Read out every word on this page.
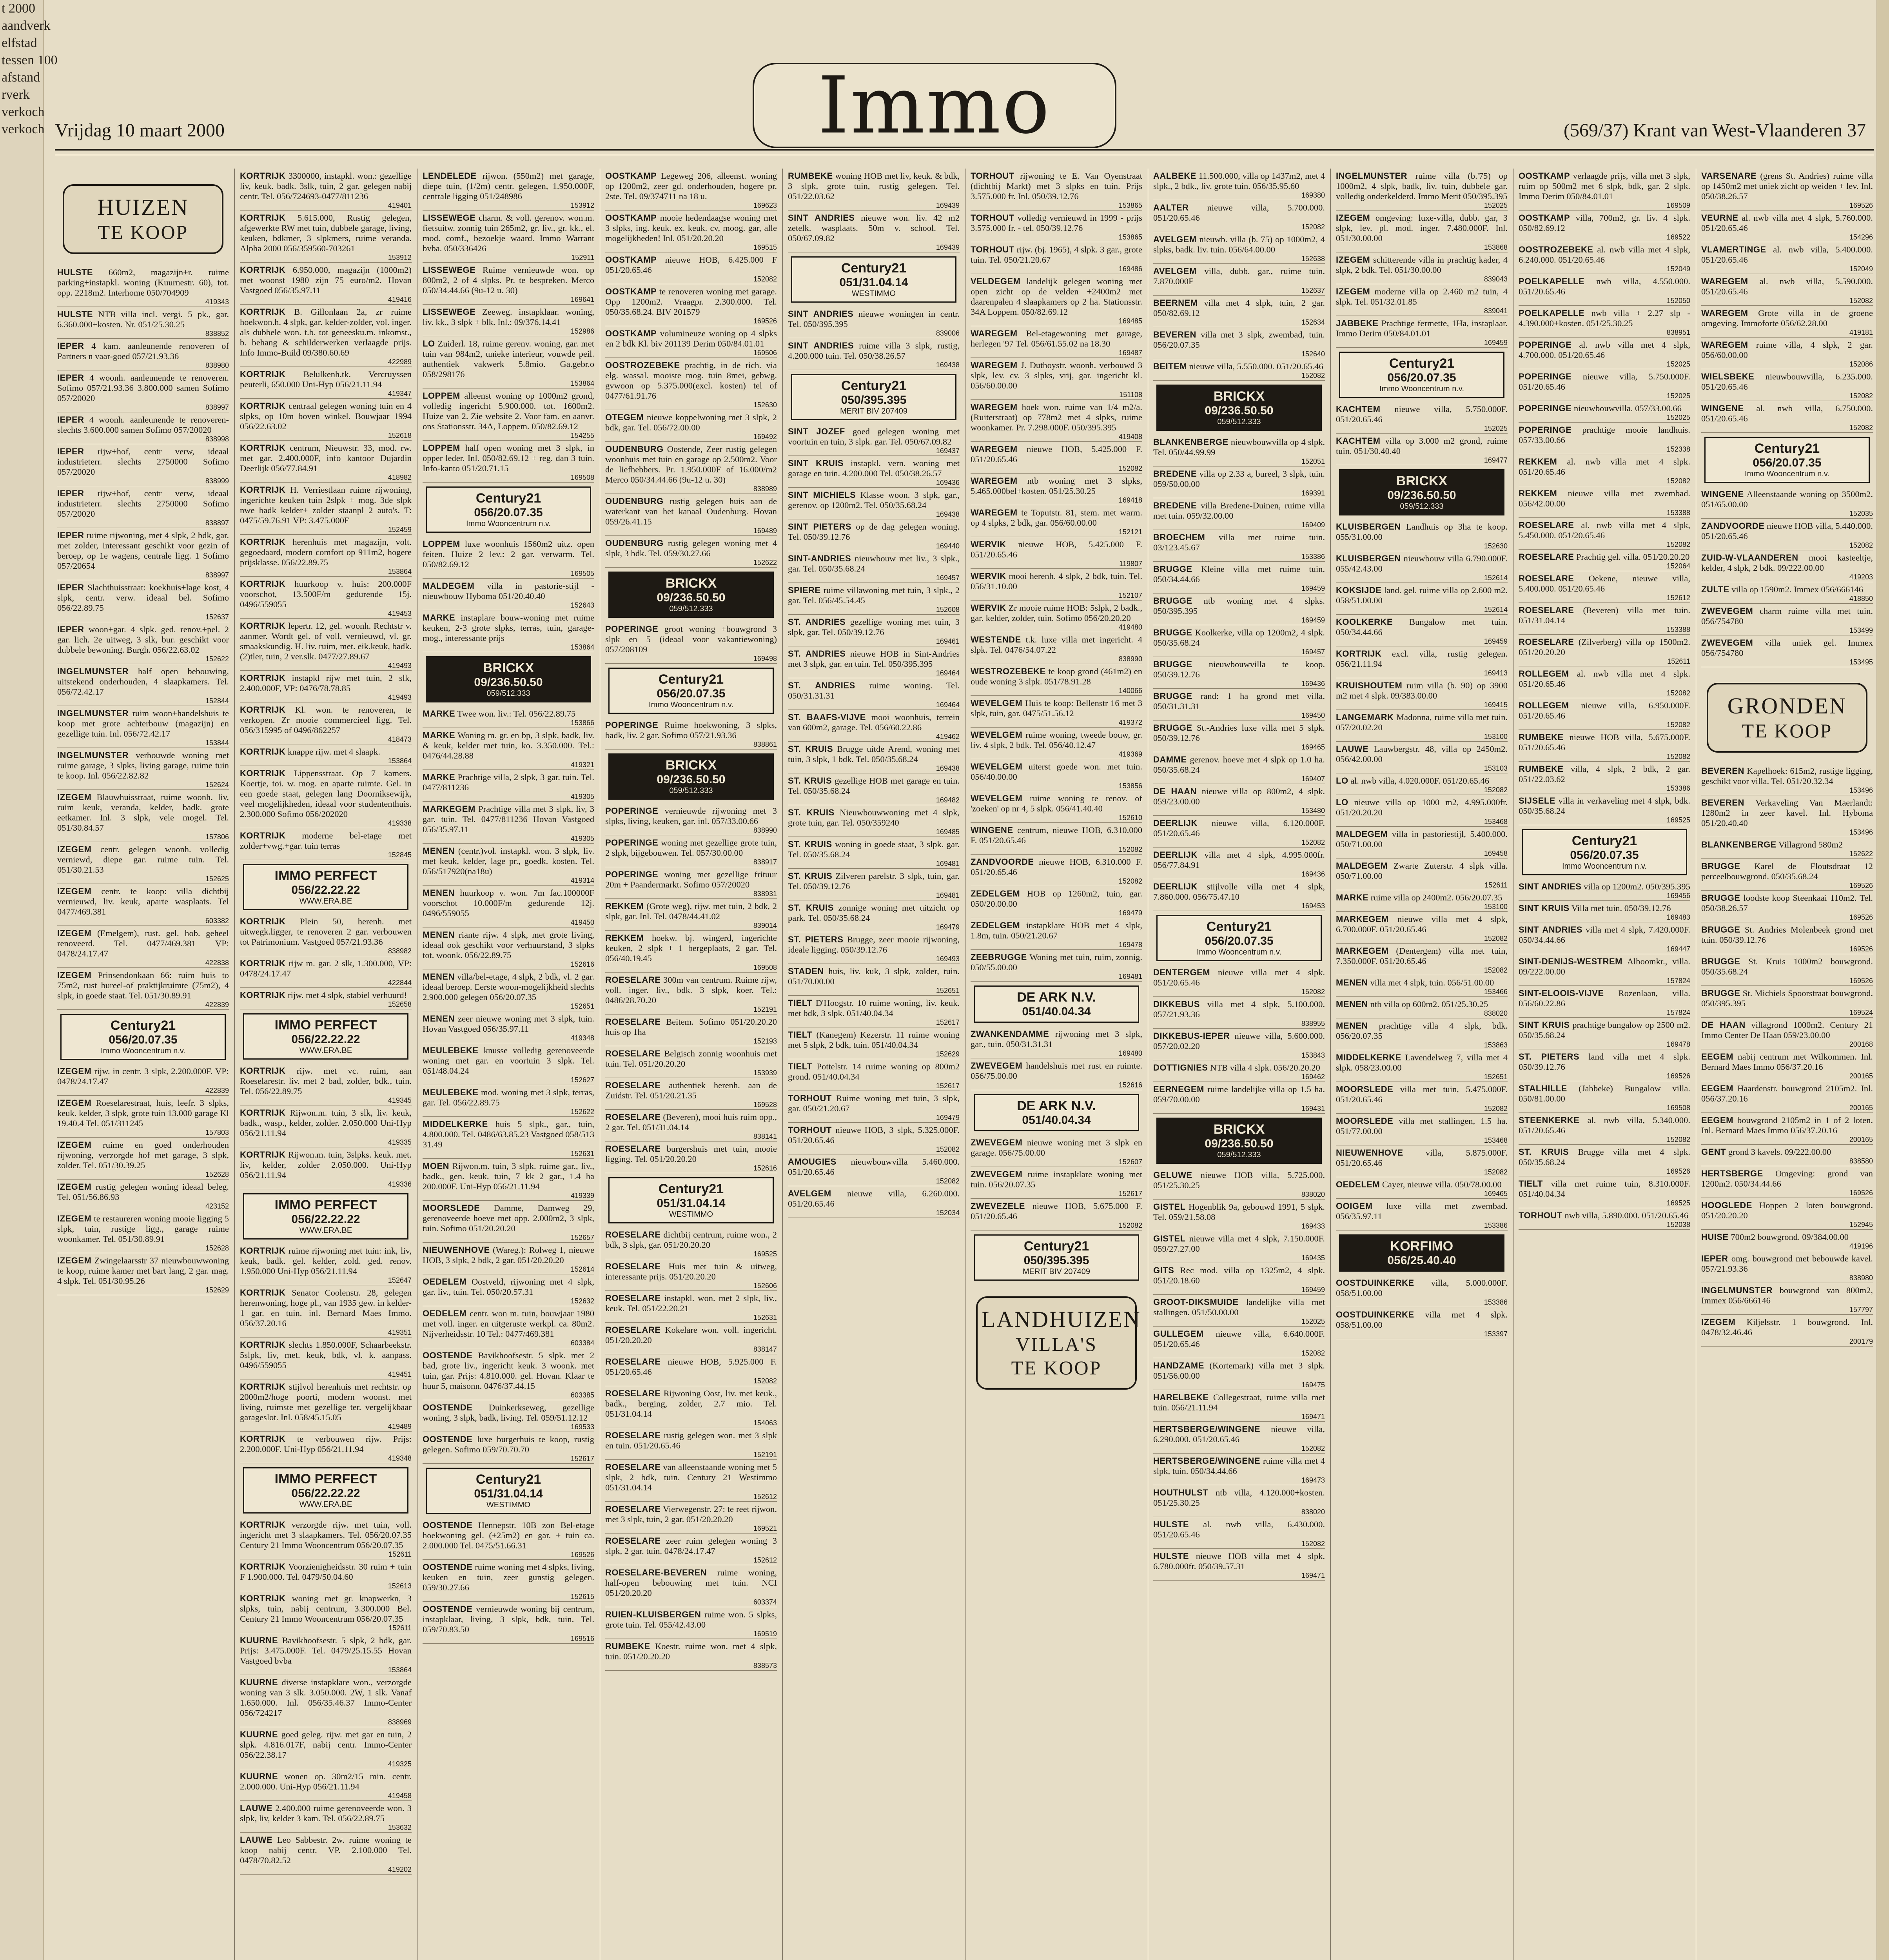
t 2000
aandverk
elfstad
tessen 100
afstand
rverk
verkoch
verkoch Vrijdag 10 maart 2000	Immo	(569/37) Krant van West-Vlaanderen 37
HUIZEN
TE KOOP
HULSTE 660m2, magazijn+r. ruime parking+instapkl. woning (Kuurnestr. 60), tot. opp. 2218m2. Interhome 050/704909
419343
HULSTE NTB villa incl. vergi. 5 pk., gar. 6.360.000+kosten. Nr. 051/25.30.25
838852
IEPER 4 kam. aanleunende renoveren of Partners n vaar-goed 057/21.93.36
838980
IEPER 4 woonh. aanleunende te renoveren. Sofimo 057/21.93.36 3.800.000 samen Sofimo 057/20020
838997
IEPER 4 woonh. aanleunende te renoveren-slechts 3.600.000 samen Sofimo 057/20020
838998
IEPER rijw+hof, centr verw, ideaal industrieterr. slechts 2750000 Sofimo 057/20020
838999
IEPER rijw+hof, centr verw, ideaal industrieterr. slechts 2750000 Sofimo 057/20020
838897
IEPER ruime rijwoning, met 4 slpk, 2 bdk, gar. met zolder, interessant geschikt voor gezin of beroep, op 1e wagens, centrale ligg. 1 Sofimo 057/20654
838997
IEPER Slachthuisstraat: koekhuis+lage kost, 4 slpk, centr. verw. ideaal bel. Sofimo 056/22.89.75
152637
IEPER woon+gar. 4 slpk. ged. renov.+pel. 2 gar. lich. 2e uitweg, 3 slk, bur. geschikt voor dubbele bewoning. Burgh. 056/22.63.02
152622
INGELMUNSTER half open bebouwing, uitstekend onderhouden, 4 slaapkamers. Tel. 056/72.42.17
152844
INGELMUNSTER ruim woon+handelshuis te koop met grote achterbouw (magazijn) en gezellige tuin. Inl. 056/72.42.17
153844
INGELMUNSTER verbouwde woning met ruime garage, 3 slpks, living garage, ruime tuin te koop. Inl. 056/22.82.82
152624
IZEGEM Blauwhuisstraat, ruime woonh. liv, ruim keuk, veranda, kelder, badk. grote eetkamer. Inl. 3 slpk, vele mogel. Tel. 051/30.84.57
157806
IZEGEM centr. gelegen woonh. volledig verniewd, diepe gar. ruime tuin. Tel. 051/30.21.53
152625
IZEGEM centr. te koop: villa dichtbij vernieuwd, liv. keuk, aparte wasplaats. Tel 0477/469.381
603382
IZEGEM (Emelgem), rust. gel. hob. geheel renoveerd. Tel. 0477/469.381 VP: 0478/24.17.47
422838
IZEGEM Prinsendonkaan 66: ruim huis to 75m2, rust bureel-of praktijkruimte (75m2), 4 slpk, in goede staat. Tel. 051/30.89.91
422839
Century21
056/20.07.35
Immo Wooncentrum n.v.
IZEGEM rijw. in centr. 3 slpk, 2.200.000F. VP: 0478/24.17.47
422839
IZEGEM Roeselarestraat, huis, leefr. 3 slpks, keuk. kelder, 3 slpk, grote tuin 13.000 garage Kl 19.40.4 Tel. 051/311245
157803
IZEGEM ruime en goed onderhouden rijwoning, verzorgde hof met garage, 3 slpk, zolder. Tel. 051/30.39.25
152628
IZEGEM rustig gelegen woning ideaal beleg. Tel. 051/56.86.93
423152
IZEGEM te restaureren woning mooie ligging 5 slpk, tuin, rustige ligg., garage ruime woonkamer. Tel. 051/30.89.91
152628
IZEGEM Zwingelaarsstr 37 nieuwbouwwoning te koop, ruime kamer met bart lang, 2 gar. mag. 4 slpk. Tel. 051/30.95.26
152629
KORTRIJK 3300000, instapkl. won.: gezellige liv, keuk. badk. 3slk, tuin, 2 gar. gelegen nabij centr. Tel. 056/724693-0477/811236
419401
KORTRIJK 5.615.000, Rustig gelegen, afgewerkte RW met tuin, dubbele garage, living, keuken, bdkmer, 3 slpkmers, ruime veranda. Alpha 2000 056/359560-703261
153912
KORTRIJK 6.950.000, magazijn (1000m2) met woonst 1980 zijn 75 euro/m2. Hovan Vastgoed 056/35.97.11
419416
KORTRIJK B. Gillonlaan 2a, zr ruime hoekwon.h. 4 slpk, gar. kelder-zolder, vol. inger. als dubbele won. t.b. tot geneesku.m. inkomst., b. behang & schilderwerken verlaagde prijs. Info Immo-Build 09/380.60.69
422989
KORTRIJK Belulkenh.tk. Vercruyssen peuterli, 650.000 Uni-Hyp 056/21.11.94
419347
KORTRIJK centraal gelegen woning tuin en 4 slpks, op 10m boven winkel. Bouwjaar 1994 056/22.63.02
152618
KORTRIJK centrum, Nieuwstr. 33, mod. rw. met gar. 2.400.000F, info kantoor Dujardin Deerlijk 056/77.84.91
418982
KORTRIJK H. Verriestlaan ruime rijwoning, ingerichte keuken tuin 2slpk + mog. 3de slpk nwe badk kelder+ zolder staanpl 2 auto's. T: 0475/59.76.91 VP: 3.475.000F
152459
KORTRIJK herenhuis met magazijn, volt. gegoedaard, modern comfort op 911m2, hogere prijsklasse. 056/22.89.75
153864
KORTRIJK huurkoop v. huis: 200.000F voorschot, 13.500F/m gedurende 15j. 0496/559055
419453
KORTRIJK lepertr. 12, gel. woonh. Rechtstr v. aanmer. Wordt gel. of voll. vernieuwd, vl. gr. smaakskundig. H. liv. ruim, met. eik.keuk, badk.(2)tler, tuin, 2 ver.slk. 0477/27.89.67
419493
KORTRIJK instapkl rijw met tuin, 2 slk, 2.400.000F, VP: 0476/78.78.85
419493
KORTRIJK Kl. won. te renoveren, te verkopen. Zr mooie commercieel ligg. Tel. 056/315995 of 0496/862257
418473
KORTRIJK knappe rijw. met 4 slaapk.
153864
KORTRIJK Lippensstraat. Op 7 kamers. Koertje, toi. w. mog. en aparte ruimte. Gel. in een goede staat, gelegen lang Doorniksewijk, veel mogelijkheden, ideaal voor studententhuis. 2.300.000 Sofimo 056/202020
419338
KORTRIJK moderne bel-etage met zolder+vwg.+gar. tuin terras
152845
IMMO PERFECT
056/22.22.22
WWW.ERA.BE
KORTRIJK Plein 50, herenh. met uitwegk.ligger, te renoveren 2 gar. verbouwen tot Patrimonium. Vastgoed 057/21.93.36
838982
KORTRIJK rijw m. gar. 2 slk, 1.300.000, VP: 0478/24.17.47
422844
KORTRIJK rijw. met 4 slpk, stabiel verhuurd!
152658
IMMO PERFECT
056/22.22.22
WWW.ERA.BE
KORTRIJK rijw. met vc. ruim, aan Roeselarestr. liv. met 2 bad, zolder, bdk., tuin. Tel. 056/22.89.75
419345
KORTRIJK Rijwon.m. tuin, 3 slk, liv. keuk, badk., wasp., kelder, zolder. 2.050.000 Uni-Hyp 056/21.11.94
419335
KORTRIJK Rijwon.m. tuin, 3slpks. keuk. met. liv, kelder, zolder 2.050.000. Uni-Hyp 056/21.11.94
419336
IMMO PERFECT
056/22.22.22
WWW.ERA.BE
KORTRIJK ruime rijwoning met tuin: ink, liv, keuk, badk. gel. kelder, zold. ged. renov. 1.950.000 Uni-Hyp 056/21.11.94
152647
KORTRIJK Senator Coolenstr. 28, gelegen herenwoning, hoge pl., van 1935 gew. in kelder-1 gar. en tuin. inl. Bernard Maes Immo. 056/37.20.16
419351
KORTRIJK slechts 1.850.000F, Schaarbeekstr. 5slpk, liv, met. keuk, bdk, vl. k. aanpass. 0496/559055
419451
KORTRIJK stijlvol herenhuis met rechtstr. op 2000m2/hoge poorti, modern woonst. met living, ruimste met gezellige ter. vergelijkbaar garageslot. Inl. 058/45.15.05
419489
KORTRIJK te verbouwen rijw. Prijs: 2.200.000F. Uni-Hyp 056/21.11.94
419348
IMMO PERFECT
056/22.22.22
WWW.ERA.BE
KORTRIJK verzorgde rijw. met tuin, voll. ingericht met 3 slaapkamers. Tel. 056/20.07.35 Century 21 Immo Wooncentrum 056/20.07.35
152611
KORTRIJK Voorzienigheidsstr. 30 ruim + tuin F 1.900.000. Tel. 0479/50.04.60
152613
KORTRIJK woning met gr. knapwerkn, 3 slpks, tuin, nabij centrum, 3.300.000 Bel. Century 21 Immo Wooncentrum 056/20.07.35
152611
KUURNE Bavikhoofsestr. 5 slpk, 2 bdk, gar. Prijs: 3.475.000F. Tel. 0479/25.15.55 Hovan Vastgoed bvba
153864
KUURNE diverse instapklare won., verzorgde woning van 3 slk. 3.050.000. 2W, 1 slk. Vanaf 1.650.000. Inl. 056/35.46.37 Immo-Center 056/724217
838969
KUURNE goed geleg. rijw. met gar en tuin, 2 slpk. 4.816.017F, nabij centr. Immo-Center 056/22.38.17
419325
KUURNE wonen op. 30m2/15 min. centr. 2.000.000. Uni-Hyp 056/21.11.94
419458
LAUWE 2.400.000 ruime gerenoveerde won. 3 slpk, liv, kelder 3 kam. Tel. 056/22.89.75
153632
LAUWE Leo Sabbestr. 2w. ruime woning te koop nabij centr. VP. 2.100.000 Tel. 0478/70.82.52
419202
LENDELEDE rijwon. (550m2) met garage, diepe tuin, (1/2m) centr. gelegen, 1.950.000F, centrale ligging 051/248986
153912
LISSEWEGE charm. & voll. gerenov. won.m. fietsuitw. zonnig tuin 265m2, gr. liv., gr. kk., el. mod. comf., bezoekje waard. Immo Warrant bvba. 050/336426
152911
LISSEWEGE Ruime vernieuwde won. op 800m2, 2 of 4 slpks. Pr. te bespreken. Merco 050/34.44.66 (9u-12 u. 30)
169641
LISSEWEGE Zeeweg. instapklaar. woning, liv. kk., 3 slpk + blk. Inl.: 09/376.14.41
152986
LO Zuiderl. 18, ruime gerenv. woning, gar. met tuin van 984m2, unieke interieur, vouwde peil. authentiek vakwerk 5.8mio. Ga.gebr.o 058/298176
153864
LOPPEM alleenst woning op 1000m2 grond, volledig ingericht 5.900.000. tot. 1600m2. Huize van 2. Zie website 2. Voor fam. en aanvr. ons Stationsstr. 34A, Loppem. 050/82.69.12
154255
LOPPEM half open woning met 3 slpk, in opper leder. Inl. 050/82.69.12 + reg. dan 3 tuin. Info-kanto 051/20.71.15
169508
Century21
056/20.07.35
Immo Wooncentrum n.v.
LOPPEM luxe woonhuis 1560m2 uitz. open feiten. Huize 2 lev.: 2 gar. verwarm. Tel. 050/82.69.12
169505
MALDEGEM villa in pastorie-stijl - nieuwbouw Hyboma 051/20.40.40
152643
MARKE instaplare bouw-woning met ruime keuken, 2-3 grote slpks, terras, tuin, garage-mog., interessante prijs
153864
BRICKX
09/236.50.50
059/512.333
MARKE Twee won. liv.: Tel. 056/22.89.75
153866
MARKE Woning m. gr. en bp, 3 slpk, badk, liv. & keuk, kelder met tuin, ko. 3.350.000. Tel.: 0476/44.28.88
419321
MARKE Prachtige villa, 2 slpk, 3 gar. tuin. Tel. 0477/811236
419305
MARKEGEM Prachtige villa met 3 slpk, liv, 3 gar. tuin. Tel. 0477/811236 Hovan Vastgoed 056/35.97.11
419305
MENEN (centr.)vol. instapkl. won. 3 slpk, liv. met keuk, kelder, lage pr., goedk. kosten. Tel. 056/517920(na18u)
419314
MENEN huurkoop v. won. 7m fac.100000F voorschot 10.000F/m gedurende 12j. 0496/559055
419450
MENEN riante rijw. 4 slpk, met grote living, ideaal ook geschikt voor verhuurstand, 3 slpks tot. woonk. 056/22.89.75
152616
MENEN villa/bel-etage, 4 slpk, 2 bdk, vl. 2 gar. ideaal beroep. Eerste woon-mogelijkheid slechts 2.900.000 gelegen 056/20.07.35
152651
MENEN zeer nieuwe woning met 3 slpk, tuin. Hovan Vastgoed 056/35.97.11
419348
MEULEBEKE knusse volledig gerenoveerde woning met gar. en voortuin 3 slpk. Tel. 051/48.04.24
152627
MEULEBEKE mod. woning met 3 slpk, terras, gar. Tel. 056/22.89.75
152622
MIDDELKERKE huis 5 slpk., gar., tuin, 4.800.000. Tel. 0486/63.85.23 Vastgoed 058/513 31.49
152631
MOEN Rijwon.m. tuin, 3 slpk. ruime gar., liv., badk., gen. keuk. tuin, 7 kk 2 gar., 1.4 ha 200.000F. Uni-Hyp 056/21.11.94
419339
MOORSLEDE Damme, Damweg 29, gerenoveerde hoeve met opp. 2.000m2, 3 slpk, tuin. Sofimo 051/20.20.20
152657
NIEUWENHOVE (Wareg.): Rolweg 1, nieuwe HOB, 3 slpk, 2 bdk, 2 gar. 051/20.20.20
152614
OEDELEM Oostveld, rijwoning met 4 slpk, gar. liv., tuin. Tel. 050/20.57.31
152632
OEDELEM centr. won m. tuin, bouwjaar 1980 met voll. inger. en uitgeruste werkpl. ca. 80m2. Nijverheidsstr. 10 Tel.: 0477/469.381
603384
OOSTENDE Bavikhoofsestr. 5 slpk. met 2 bad, grote liv., ingericht keuk. 3 woonk. met tuin, gar. Prijs: 4.810.000. gel. Hovan. Klaar te huur 5, maisonn. 0476/37.44.15
603385
OOSTENDE Duinkerkseweg, gezellige woning, 3 slpk, badk, living. Tel. 059/51.12.12
169533
OOSTENDE luxe burgerhuis te koop, rustig gelegen. Sofimo 059/70.70.70
152617
Century21
051/31.04.14
WESTIMMO
OOSTENDE Hennepstr. 10B zon Bel-etage hoekwoning gel. (±25m2) en gar. + tuin ca. 2.000.000 Tel. 0475/51.66.31
169526
OOSTENDE ruime woning met 4 slpks, living, keuken en tuin, zeer gunstig gelegen. 059/30.27.66
152615
OOSTENDE vernieuwde woning bij centrum, instapklaar, living, 3 slpk, bdk, tuin. Tel. 059/70.83.50
169516
OOSTKAMP Legeweg 206, alleenst. woning op 1200m2, zeer gd. onderhouden, hogere pr. 2ste. Tel. 09/374711 na 18 u.
169623
OOSTKAMP mooie hedendaagse woning met 3 slpks, ing. keuk. ex. keuk. cv, moog. gar, alle mogelijkheden! Inl. 051/20.20.20
169515
OOSTKAMP nieuwe HOB, 6.425.000 F 051/20.65.46
152082
OOSTKAMP te renoveren woning met garage. Opp 1200m2. Vraagpr. 2.300.000. Tel. 050/35.68.24. BIV 201579
169526
OOSTKAMP volumineuze woning op 4 slpks en 2 bdk Kl. biv 201139 Derim 050/84.01.01
169506
OOSTROZEBEKE prachtig, in de rich. via elg. wassal. mooiste mog. tuin 8mei, gebwg. gvwoon op 5.375.000(excl. kosten) tel of 0477/61.91.76
152630
OTEGEM nieuwe koppelwoning met 3 slpk, 2 bdk, gar. Tel. 056/72.00.00
169492
OUDENBURG Oostende, Zeer rustig gelegen woonhuis met tuin en garage op 2.500m2. Voor de liefhebbers. Pr. 1.950.000F of 16.000/m2 Merco 050/34.44.66 (9u-12 u. 30)
838989
OUDENBURG rustig gelegen huis aan de waterkant van het kanaal Oudenburg. Hovan 059/26.41.15
169489
OUDENBURG rustig gelegen woning met 4 slpk, 3 bdk. Tel. 059/30.27.66
152622
BRICKX
09/236.50.50
059/512.333
POPERINGE groot woning +bouwgrond 3 slpk en 5 (ideaal voor vakantiewoning) 057/208109
169498
Century21
056/20.07.35
Immo Wooncentrum n.v.
POPERINGE Ruime hoekwoning, 3 slpks, badk, liv. 2 gar. Sofimo 057/21.93.36
838861
BRICKX
09/236.50.50
059/512.333
POPERINGE vernieuwde rijwoning met 3 slpks, living, keuken, gar. inl. 057/33.00.66
838990
POPERINGE woning met gezellige grote tuin, 2 slpk, bijgebouwen. Tel. 057/30.00.00
838917
POPERINGE woning met gezellige frituur 20m + Paandermarkt. Sofimo 057/20020
838931
REKKEM (Grote weg), rijw. met tuin, 2 bdk, 2 slpk, gar. Inl. Tel. 0478/44.41.02
839014
REKKEM hoekw. bj. wingerd, ingerichte keuken, 2 slpk + 1 bergeplaats, 2 gar. Tel. 056/40.19.45
169508
ROESELARE 300m van centrum. Ruime rijw, voll. inger. liv., bdk. 3 slpk, koer. Tel.: 0486/28.70.20
152191
ROESELARE Beitem. Sofimo 051/20.20.20 huis op 1ha
152193
ROESELARE Belgisch zonnig woonhuis met tuin. Tel. 051/20.20.20
153939
ROESELARE authentiek herenh. aan de Zuidstr. Tel. 051/20.21.35
169528
ROESELARE (Beveren), mooi huis ruim opp., 2 gar. Tel. 051/31.04.14
838141
ROESELARE burgershuis met tuin, mooie ligging. Tel. 051/20.20.20
152616
Century21
051/31.04.14
WESTIMMO
ROESELARE dichtbij centrum, ruime won., 2 bdk, 3 slpk, gar. 051/20.20.20
169525
ROESELARE Huis met tuin & uitweg, interessante prijs. 051/20.20.20
152606
ROESELARE instapkl. won. met 2 slpk, liv., keuk. Tel. 051/22.20.21
152631
ROESELARE Kokelare won. voll. ingericht. 051/20.20.20
838147
ROESELARE nieuwe HOB, 5.925.000 F. 051/20.65.46
152082
ROESELARE Rijwoning Oost, liv. met keuk., badk., berging, zolder, 2.7 mio. Tel. 051/31.04.14
154063
ROESELARE rustig gelegen won. met 3 slpk en tuin. 051/20.65.46
152191
ROESELARE van alleenstaande woning met 5 slpk, 2 bdk, tuin. Century 21 Westimmo 051/31.04.14
152612
ROESELARE Vierwegenstr. 27: te reet rijwon. met 3 slpk, tuin, 2 gar. 051/20.20.20
169521
ROESELARE zeer ruim gelegen woning 3 slpk, 2 gar. tuin. 0478/24.17.47
152612
ROESELARE-BEVEREN ruime woning, half-open bebouwing met tuin. NCI 051/20.20.20
603374
RUIEN-KLUISBERGEN ruime won. 5 slpks, grote tuin. Tel. 055/42.43.00
169519
RUMBEKE Koestr. ruime won. met 4 slpk, tuin. 051/20.20.20
838573
RUMBEKE woning HOB met liv, keuk. & bdk, 3 slpk, grote tuin, rustig gelegen. Tel. 051/22.03.62
169439
SINT ANDRIES nieuwe won. liv. 42 m2 zetelk. wasplaats. 50m v. school. Tel. 050/67.09.82
169439
Century21
051/31.04.14
WESTIMMO
SINT ANDRIES nieuwe woningen in centr. Tel. 050/395.395
839006
SINT ANDRIES ruime villa 3 slpk, rustig, 4.200.000 tuin. Tel. 050/38.26.57
169438
Century21
050/395.395
MERIT BIV 207409
SINT JOZEF goed gelegen woning met voortuin en tuin, 3 slpk. gar. Tel. 050/67.09.82
169437
SINT KRUIS instapkl. vern. woning met garage en tuin. 4.200.000 Tel. 050/38.26.57
169436
SINT MICHIELS Klasse woon. 3 slpk, gar., gerenov. op 1200m2. Tel. 050/35.68.24
169438
SINT PIETERS op de dag gelegen woning. Tel. 050/39.12.76
169440
SINT-ANDRIES nieuwbouw met liv., 3 slpk., gar. Tel. 050/35.68.24
169457
SPIERE ruime villawoning met tuin, 3 slpk., 2 gar. Tel. 056/45.54.45
152608
ST. ANDRIES gezellige woning met tuin, 3 slpk, gar. Tel. 050/39.12.76
169461
ST. ANDRIES nieuwe HOB in Sint-Andries met 3 slpk, gar. en tuin. Tel. 050/395.395
169464
ST. ANDRIES ruime woning. Tel. 050/31.31.31
169464
ST. BAAFS-VIJVE mooi woonhuis, terrein van 600m2, garage. Tel. 056/60.22.86
419462
ST. KRUIS Brugge uitde Arend, woning met tuin, 3 slpk, 1 bdk. Tel. 050/35.68.24
169438
ST. KRUIS gezellige HOB met garage en tuin. Tel. 050/35.68.24
169482
ST. KRUIS Nieuwbouwwoning met 4 slpk, grote tuin, gar. Tel. 050/359240
169485
ST. KRUIS woning in goede staat, 3 slpk. gar. Tel. 050/35.68.24
169481
ST. KRUIS Zilveren parelstr. 3 slpk, tuin, gar. Tel. 050/39.12.76
169481
ST. KRUIS zonnige woning met uitzicht op park. Tel. 050/35.68.24
169479
ST. PIETERS Brugge, zeer mooie rijwoning, ideale ligging. 050/39.12.76
169493
STADEN huis, liv. kuk, 3 slpk, zolder, tuin. 051/70.00.00
152651
TIELT D'Hoogstr. 10 ruime woning, liv. keuk. met bdk, 3 slpk. 051/40.04.34
152617
TIELT (Kanegem) Kezerstr. 11 ruime woning met 5 slpk, 2 bdk, tuin. 051/40.04.34
152629
TIELT Pottelstr. 14 ruime woning op 800m2 grond. 051/40.04.34
152617
TORHOUT Ruime woning met tuin, 3 slpk, gar. 050/21.20.67
169479
TORHOUT nieuwe HOB, 3 slpk, 5.325.000F. 051/20.65.46
152082
AMOUGIES nieuwbouwvilla 5.460.000. 051/20.65.46
152082
AVELGEM nieuwe villa, 6.260.000. 051/20.65.46
152034
TORHOUT rijwoning te E. Van Oyenstraat (dichtbij Markt) met 3 slpks en tuin. Prijs 3.575.000 fr. Inl. 050/39.12.76
153865
TORHOUT volledig vernieuwd in 1999 - prijs 3.575.000 fr. - tel. 050/39.12.76
153865
TORHOUT rijw. (bj. 1965), 4 slpk. 3 gar., grote tuin. Tel. 050/21.20.67
169486
VELDEGEM landelijk gelegen woning met open zicht op de velden +2400m2 met daarenpalen 4 slaapkamers op 2 ha. Stationsstr. 34A Loppem. 050/82.69.12
169485
WAREGEM Bel-etagewoning met garage, herlegen '97 Tel. 056/61.55.02 na 18.30
169487
WAREGEM J. Duthoystr. woonh. verbouwd 3 slpk, lev. cv. 3 slpks, vrij, gar. ingericht kl. 056/60.00.00
151108
WAREGEM hoek won. ruime van 1/4 m2/a. (Ruiterstraat) op 778m2 met 4 slpks, ruime woonkamer. Pr. 7.298.000F. 050/395.395
419408
WAREGEM nieuwe HOB, 5.425.000 F. 051/20.65.46
152082
WAREGEM ntb woning met 3 slpks, 5.465.000bel+kosten. 051/25.30.25
169418
WAREGEM te Toputstr. 81, stem. met warm. op 4 slpks, 2 bdk, gar. 056/60.00.00
152121
WERVIK nieuwe HOB, 5.425.000 F. 051/20.65.46
119807
WERVIK mooi herenh. 4 slpk, 2 bdk, tuin. Tel. 056/31.10.00
152107
WERVIK Zr mooie ruime HOB: 5slpk, 2 badk., gar. kelder, zolder, tuin. Sofimo 056/20.20.20
419480
WESTENDE t.k. luxe villa met ingericht. 4 slpk. Tel. 0476/54.07.22
838990
WESTROZEBEKE te koop grond (461m2) en oude woning 3 slpk. 051/78.91.28
140066
WEVELGEM Huis te koop: Bellenstr 16 met 3 slpk, tuin, gar. 0475/51.56.12
419372
WEVELGEM ruime woning, tweede bouw, gr. liv. 4 slpk, 2 bdk. Tel. 056/40.12.47
419369
WEVELGEM uiterst goede won. met tuin. 056/40.00.00
153856
WEVELGEM ruime woning te renov. of 'zoeken' op nr 4, 5 slpk. 056/41.40.40
152610
WINGENE centrum, nieuwe HOB, 6.310.000 F. 051/20.65.46
152082
ZANDVOORDE nieuwe HOB, 6.310.000 F. 051/20.65.46
152082
ZEDELGEM HOB op 1260m2, tuin, gar. 050/20.00.00
169479
ZEDELGEM instapklare HOB met 4 slpk, 1.8m, tuin. 050/21.20.67
169478
ZEEBRUGGE Woning met tuin, ruim, zonnig. 050/55.00.00
169481
DE ARK N.V.
051/40.04.34
ZWANKENDAMME rijwoning met 3 slpk, gar., tuin. 050/31.31.31
169480
ZWEVEGEM handelshuis met rust en ruimte. 056/75.00.00
152616
DE ARK N.V.
051/40.04.34
ZWEVEGEM nieuwe woning met 3 slpk en garage. 056/75.00.00
152607
ZWEVEGEM ruime instapklare woning met tuin. 056/20.07.35
152617
ZWEVEZELE nieuwe HOB, 5.675.000 F. 051/20.65.46
152082
Century21
050/395.395
MERIT BIV 207409
LANDHUIZEN
VILLA'S
TE KOOP
AALBEKE 11.500.000, villa op 1437m2, met 4 slpk., 2 bdk., liv. grote tuin. 056/35.95.60
169380
AALTER nieuwe villa, 5.700.000. 051/20.65.46
152082
AVELGEM nieuwb. villa (b. 75) op 1000m2, 4 slpks, badk. liv. tuin. 056/64.00.00
152638
AVELGEM villa, dubb. gar., ruime tuin. 7.870.000F
152637
BEERNEM villa met 4 slpk, tuin, 2 gar. 050/82.69.12
152634
BEVEREN villa met 3 slpk, zwembad, tuin. 056/20.07.35
152640
BEITEM nieuwe villa, 5.550.000. 051/20.65.46
152082
BRICKX
09/236.50.50
059/512.333
BLANKENBERGE nieuwbouwvilla op 4 slpk. Tel. 050/44.99.99
152051
BREDENE villa op 2.33 a, bureel, 3 slpk, tuin. 059/50.00.00
169391
BREDENE villa Bredene-Duinen, ruime villa met tuin. 059/32.00.00
169409
BROECHEM villa met ruime tuin. 03/123.45.67
153386
BRUGGE Kleine villa met ruime tuin. 050/34.44.66
169459
BRUGGE ntb woning met 4 slpks. 050/395.395
169459
BRUGGE Koolkerke, villa op 1200m2, 4 slpk. 050/35.68.24
169457
BRUGGE nieuwbouwvilla te koop. 050/39.12.76
169436
BRUGGE rand: 1 ha grond met villa. 050/31.31.31
169450
BRUGGE St.-Andries luxe villa met 5 slpk. 050/39.12.76
169465
DAMME gerenov. hoeve met 4 slpk op 1.0 ha. 050/35.68.24
169407
DE HAAN nieuwe villa op 800m2, 4 slpk. 059/23.00.00
153480
DEERLIJK nieuwe villa, 6.120.000F. 051/20.65.46
152082
DEERLIJK villa met 4 slpk, 4.995.000fr. 056/77.84.91
169436
DEERLIJK stijlvolle villa met 4 slpk, 7.860.000. 056/75.47.10
169453
Century21
056/20.07.35
Immo Wooncentrum n.v.
DENTERGEM nieuwe villa met 4 slpk. 051/20.65.46
152082
DIKKEBUS villa met 4 slpk, 5.100.000. 057/21.93.36
838955
DIKKEBUS-IEPER nieuwe villa, 5.600.000. 057/20.02.20
153843
DOTTIGNIES NTB villa 4 slpk. 056/20.20.20
169462
EERNEGEM ruime landelijke villa op 1.5 ha. 059/70.00.00
169431
BRICKX
09/236.50.50
059/512.333
GELUWE nieuwe HOB villa, 5.725.000. 051/25.30.25
838020
GISTEL Hogenblik 9a, gebouwd 1991, 5 slpk. Tel. 059/21.58.08
169433
GISTEL nieuwe villa met 4 slpk, 7.150.000F. 059/27.27.00
169435
GITS Rec mod. villa op 1325m2, 4 slpk. 051/20.18.60
169459
GROOT-DIKSMUIDE landelijke villa met stallingen. 051/50.00.00
152025
GULLEGEM nieuwe villa, 6.640.000F. 051/20.65.46
152082
HANDZAME (Kortemark) villa met 3 slpk. 051/56.00.00
169475
HARELBEKE Collegestraat, ruime villa met tuin. 056/21.11.94
169471
HERTSBERGE/WINGENE nieuwe villa, 6.290.000. 051/20.65.46
152082
HERTSBERGE/WINGENE ruime villa met 4 slpk, tuin. 050/34.44.66
169473
HOUTHULST ntb villa, 4.120.000+kosten. 051/25.30.25
838020
HULSTE al. nwb villa, 6.430.000. 051/20.65.46
152082
HULSTE nieuwe HOB villa met 4 slpk. 6.780.000fr. 050/39.57.31
169471
INGELMUNSTER ruime villa (b.'75) op 1000m2, 4 slpk, badk, liv. tuin, dubbele gar. volledig onderkelderd. Immo Merit 050/395.395
152025
IZEGEM omgeving: luxe-villa, dubb. gar, 3 slpk, lev. pl. mod. inger. 7.480.000F. Inl. 051/30.00.00
153868
IZEGEM schitterende villa in prachtig kader, 4 slpk, 2 bdk. Tel. 051/30.00.00
839043
IZEGEM moderne villa op 2.460 m2 tuin, 4 slpk. Tel. 051/32.01.85
839041
JABBEKE Prachtige fermette, 1Ha, instaplaar. Immo Derim 050/84.01.01
169459
Century21
056/20.07.35
Immo Wooncentrum n.v.
KACHTEM nieuwe villa, 5.750.000F. 051/20.65.46
152025
KACHTEM villa op 3.000 m2 grond, ruime tuin. 051/30.40.40
169477
BRICKX
09/236.50.50
059/512.333
KLUISBERGEN Landhuis op 3ha te koop. 055/31.00.00
152630
KLUISBERGEN nieuwbouw villa 6.790.000F. 055/42.43.00
152614
KOKSIJDE land. gel. ruime villa op 2.600 m2. 058/51.00.00
152614
KOOLKERKE Bungalow met tuin. 050/34.44.66
169459
KORTRIJK excl. villa, rustig gelegen. 056/21.11.94
169413
KRUISHOUTEM ruim villa (b. 90) op 3900 m2 met 4 slpk. 09/383.00.00
169415
LANGEMARK Madonna, ruime villa met tuin. 057/20.02.20
153100
LAUWE Lauwbergstr. 48, villa op 2450m2. 056/42.00.00
153103
LO al. nwb villa, 4.020.000F. 051/20.65.46
152082
LO nieuwe villa op 1000 m2, 4.995.000fr. 051/20.20.20
153468
MALDEGEM villa in pastoriestijl, 5.400.000. 050/71.00.00
169458
MALDEGEM Zwarte Zuterstr. 4 slpk villa. 050/71.00.00
152611
MARKE ruime villa op 2400m2. 056/20.07.35
153100
MARKEGEM nieuwe villa met 4 slpk, 6.700.000F. 051/20.65.46
152082
MARKEGEM (Dentergem) villa met tuin, 7.350.000F. 051/20.65.46
152082
MENEN villa met 4 slpk, tuin. 056/51.00.00
153466
MENEN ntb villa op 600m2. 051/25.30.25
838020
MENEN prachtige villa 4 slpk, bdk. 056/20.07.35
153863
MIDDELKERKE Lavendelweg 7, villa met 4 slpk. 058/23.00.00
152651
MOORSLEDE villa met tuin, 5.475.000F. 051/20.65.46
152082
MOORSLEDE villa met stallingen, 1.5 ha. 051/77.00.00
153468
NIEUWENHOVE	villa, 5.875.000F. 051/20.65.46
152082
OEDELEM Cayer, nieuwe villa. 050/78.00.00
169465
OOIGEM luxe villa met zwembad. 056/35.97.11
153386
KORFIMO
056/25.40.40
OOSTDUINKERKE villa, 5.000.000F. 058/51.00.00
153386
OOSTDUINKERKE villa met 4 slpk. 058/51.00.00
153397
OOSTKAMP verlaagde prijs, villa met 3 slpk, ruim op 500m2 met 6 slpk, bdk, gar. 2 slpk. Immo Derim 050/84.01.01
169509
OOSTKAMP villa, 700m2, gr. liv. 4 slpk. 050/82.69.12
169522
OOSTROZEBEKE al. nwb villa met 4 slpk, 6.240.000. 051/20.65.46
152049
POELKAPELLE nwb villa, 4.550.000. 051/20.65.46
152050
POELKAPELLE nwb villa + 2.27 slp - 4.390.000+kosten. 051/25.30.25
838951
POPERINGE al. nwb villa met 4 slpk, 4.700.000. 051/20.65.46
152025
POPERINGE nieuwe villa, 5.750.000F. 051/20.65.46
152025
POPERINGE nieuwbouwvilla. 057/33.00.66
152025
POPERINGE prachtige mooie landhuis. 057/33.00.66
152338
REKKEM al. nwb villa met 4 slpk. 051/20.65.46
152082
REKKEM nieuwe villa met zwembad. 056/42.00.00
153388
ROESELARE al. nwb villa met 4 slpk, 5.450.000. 051/20.65.46
152082
ROESELARE Prachtig gel. villa. 051/20.20.20
152064
ROESELARE Oekene, nieuwe villa, 5.400.000. 051/20.65.46
152612
ROESELARE (Beveren) villa met tuin. 051/31.04.14
153388
ROESELARE (Zilverberg) villa op 1500m2. 051/20.20.20
152611
ROLLEGEM al. nwb villa met 4 slpk. 051/20.65.46
152082
ROLLEGEM nieuwe villa, 6.950.000F. 051/20.65.46
152082
RUMBEKE nieuwe HOB villa, 5.675.000F. 051/20.65.46
152082
RUMBEKE villa, 4 slpk, 2 bdk, 2 gar. 051/22.03.62
153386
SIJSELE villa in verkaveling met 4 slpk, bdk. 050/35.68.24
169525
Century21
056/20.07.35
Immo Wooncentrum n.v.
SINT ANDRIES villa op 1200m2. 050/395.395
169456
SINT KRUIS Villa met tuin. 050/39.12.76
169483
SINT ANDRIES villa met 4 slpk, 7.420.000F. 050/34.44.66
169447
SINT-DENIJS-WESTREM Alboomkr., villa. 09/222.00.00
157824
SINT-ELOOIS-VIJVE Rozenlaan, villa. 056/60.22.86
157824
SINT KRUIS prachtige bungalow op 2500 m2. 050/35.68.24
169478
ST. PIETERS land villa met 4 slpk. 050/39.12.76
169526
STALHILLE (Jabbeke) Bungalow villa. 050/81.00.00
169508
STEENKERKE al. nwb villa, 5.340.000. 051/20.65.46
152082
ST. KRUIS Brugge villa met 4 slpk. 050/35.68.24
169526
TIELT villa met ruime tuin, 8.310.000F. 051/40.04.34
169525
TORHOUT nwb villa, 5.890.000. 051/20.65.46
152038
VARSENARE (grens St. Andries) ruime villa op 1450m2 met uniek zicht op weiden + lev. Inl. 050/38.26.57
169526
VEURNE al. nwb villa met 4 slpk, 5.760.000. 051/20.65.46
154296
VLAMERTINGE al. nwb villa, 5.400.000. 051/20.65.46
152049
WAREGEM al. nwb villa, 5.590.000. 051/20.65.46
152082
WAREGEM Grote villa in de groene omgeving. Immoforte 056/62.28.00
419181
WAREGEM ruime villa, 4 slpk, 2 gar. 056/60.00.00
152086
WIELSBEKE nieuwbouwvilla, 6.235.000. 051/20.65.46
152082
WINGENE al. nwb villa, 6.750.000. 051/20.65.46
152082
Century21
056/20.07.35
Immo Wooncentrum n.v.
WINGENE Alleenstaande woning op 3500m2. 051/65.00.00
152035
ZANDVOORDE nieuwe HOB villa, 5.440.000. 051/20.65.46
152082
ZUID-W-VLAANDEREN mooi kasteeltje, kelder, 4 slpk, 2 bdk. 09/222.00.00
419203
ZULTE villa op 1590m2. Immex 056/666146
418850
ZWEVEGEM charm ruime villa met tuin. 056/754780
153499
ZWEVEGEM villa uniek gel. Immex 056/754780
153495
GRONDEN
TE KOOP
BEVEREN Kapelhoek: 615m2, rustige ligging, geschikt voor villa. Tel. 051/20.32.34
153496
BEVEREN Verkaveling Van Maerlandt: 1280m2 in zeer kavel. Inl. Hyboma 051/20.40.40
153496
BLANKENBERGE Villagrond 580m2
152622
BRUGGE Karel de Floutsdraat 12 perceelbouwgrond. 050/35.68.24
169526
BRUGGE loodste koop Steenkaai 110m2. Tel. 050/38.26.57
169526
BRUGGE St. Andries Molenbeek grond met tuin. 050/39.12.76
169526
BRUGGE St. Kruis 1000m2 bouwgrond. 050/35.68.24
169526
BRUGGE St. Michiels Spoorstraat bouwgrond. 050/395.395
169524
DE HAAN villagrond 1000m2. Century 21 Immo Center De Haan 059/23.00.00
200168
EEGEM nabij centrum met Wilkommen. Inl. Bernard Maes Immo 056/37.20.16
200165
EEGEM Haardenstr. bouwgrond 2105m2. Inl. 056/37.20.16
200165
EEGEM bouwgrond 2105m2 in 1 of 2 loten. Inl. Bernard Maes Immo 056/37.20.16
200165
GENT grond 3 kavels. 09/222.00.00
838580
HERTSBERGE Omgeving: grond van 1200m2. 050/34.44.66
169526
HOOGLEDE Hoppen 2 loten bouwgrond. 051/20.20.20
152945
HUISE 700m2 bouwgrond. 09/384.00.00
419196
IEPER omg. bouwgrond met bebouwde kavel. 057/21.93.36
838980
INGELMUNSTER bouwgrond van 800m2, Immex 056/666146
157797
IZEGEM Kiljelsstr. 1 bouwgrond. Inl. 0478/32.46.46
200179
